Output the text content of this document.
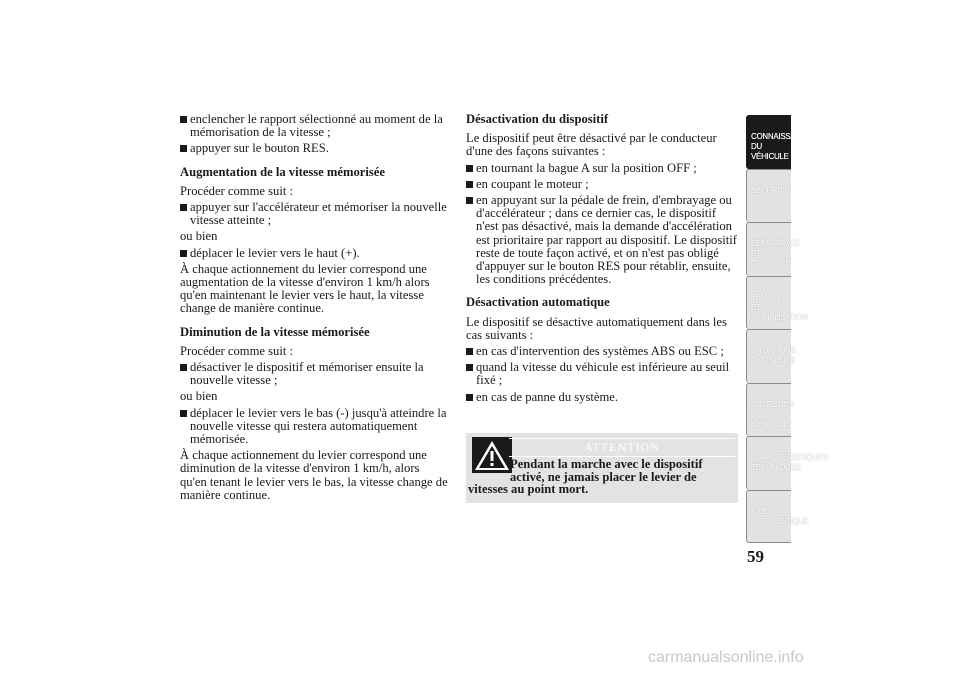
enclencher le rapport sélectionné au moment de la mémorisation de la vitesse ;
appuyer sur le bouton RES.
Augmentation de la vitesse mémorisée
Procéder comme suit :
appuyer sur l'accélérateur et mémoriser la nouvelle vitesse atteinte ;
ou bien
déplacer le levier vers le haut (+).
À chaque actionnement du levier correspond une augmentation de la vitesse d'environ 1 km/h alors qu'en maintenant le levier vers le haut, la vitesse change de manière continue.
Diminution de la vitesse mémorisée
Procéder comme suit :
désactiver le dispositif et mémoriser ensuite la nouvelle vitesse ;
ou bien
déplacer le levier vers le bas (-) jusqu'à atteindre la nouvelle vitesse qui restera automatiquement mémorisée.
À chaque actionnement du levier correspond une diminution de la vitesse d'environ 1 km/h, alors qu'en tenant le levier vers le bas, la vitesse change de manière continue.
Désactivation du dispositif
Le dispositif peut être désactivé par le conducteur d'une des façons suivantes :
en tournant la bague A sur la position OFF ;
en coupant le moteur ;
en appuyant sur la pédale de frein, d'embrayage ou d'accélérateur ; dans ce dernier cas, le dispositif n'est pas désactivé, mais la demande d'accélération est prioritaire par rapport au dispositif. Le dispositif reste de toute façon activé, et on n'est pas obligé d'appuyer sur le bouton RES pour rétablir, ensuite, les conditions précédentes.
Désactivation automatique
Le dispositif se désactive automatiquement dans les cas suivants :
en cas d'intervention des systèmes ABS ou ESC ;
quand la vitesse du véhicule est inférieure au seuil fixé ;
en cas de panne du système.
ATTENTION
Pendant la marche avec le dispositif
activé, ne jamais placer le levier de
vitesses au point mort.
CONNAISSANCE DU
VÉHICULE
SÉCURITÉ
DÉMARRAGE ET
CONDUITE
TÉMOINS ET
SIGNALISATION
SITUATIONS
D'URGENCE
ENTRETIEN DU
VÉHICULE
CARACTÉRISTIQUES
TECHNIQUES
INDEX
ALPHABÉTIQUE
59
carmanualsonline.info
